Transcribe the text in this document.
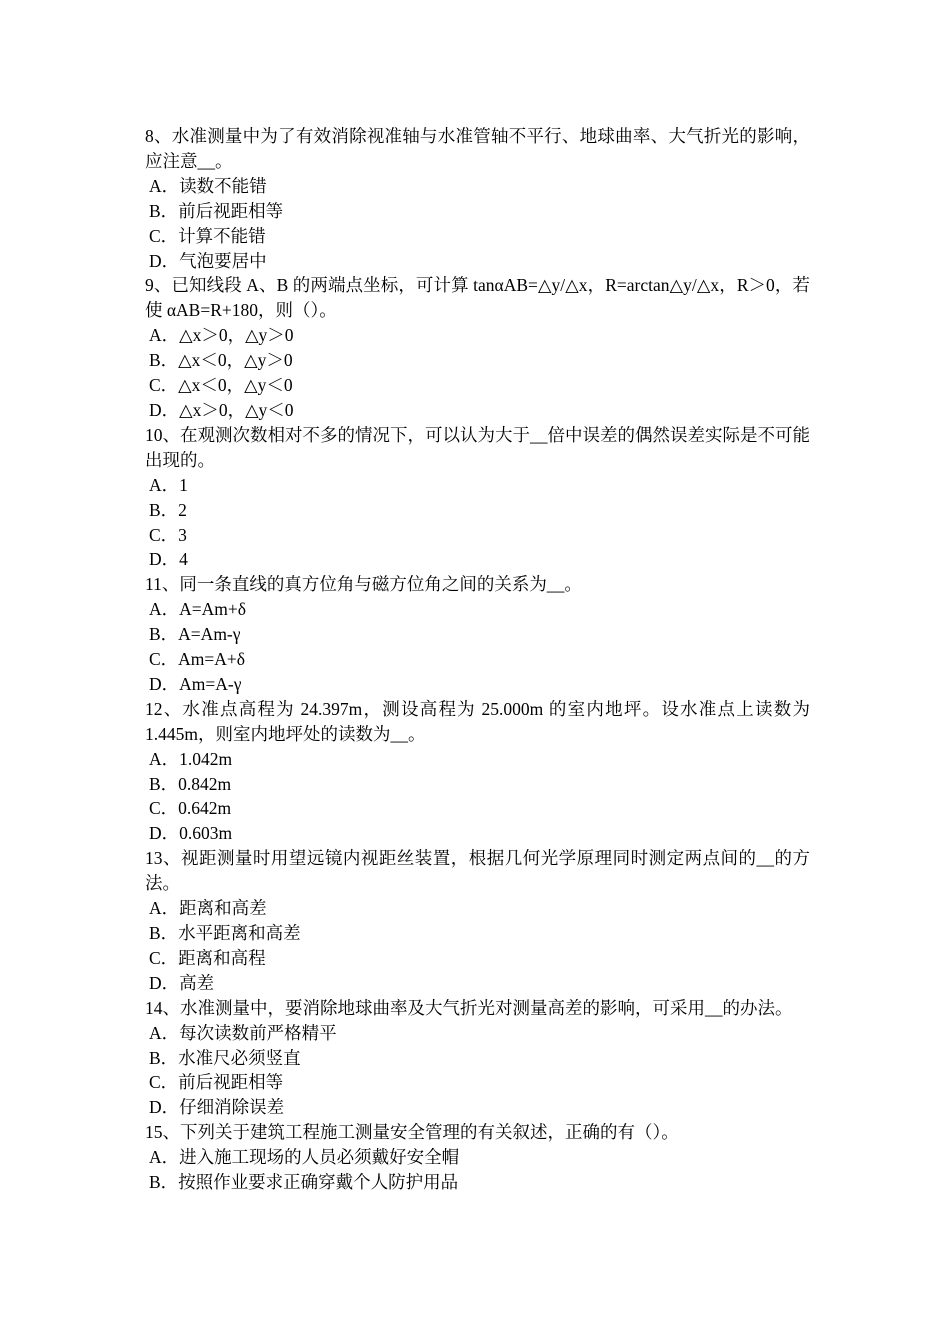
8、水准测量中为了有效消除视准轴与水准管轴不平行、地球曲率、大气折光的影响，应注意__。
A．读数不能错
B．前后视距相等
C．计算不能错
D．气泡要居中
9、已知线段 A、B 的两端点坐标，可计算 tanαAB=△y/△x，R=arctan△y/△x，R＞0，若使 αAB=R+180，则（）。
A．△x＞0，△y＞0
B．△x＜0，△y＞0
C．△x＜0，△y＜0
D．△x＞0，△y＜0
10、在观测次数相对不多的情况下，可以认为大于__倍中误差的偶然误差实际是不可能出现的。
A．1
B．2
C．3
D．4
11、同一条直线的真方位角与磁方位角之间的关系为__。
A．A=Am+δ
B．A=Am-γ
C．Am=A+δ
D．Am=A-γ
12、水准点高程为 24.397m，测设高程为 25.000m 的室内地坪。设水准点上读数为 1.445m，则室内地坪处的读数为__。
A．1.042m
B．0.842m
C．0.642m
D．0.603m
13、视距测量时用望远镜内视距丝装置，根据几何光学原理同时测定两点间的__的方法。
A．距离和高差
B．水平距离和高差
C．距离和高程
D．高差
14、水准测量中，要消除地球曲率及大气折光对测量高差的影响，可采用__的办法。
A．每次读数前严格精平
B．水准尺必须竖直
C．前后视距相等
D．仔细消除误差
15、下列关于建筑工程施工测量安全管理的有关叙述，正确的有（）。
A．进入施工现场的人员必须戴好安全帽
B．按照作业要求正确穿戴个人防护用品
